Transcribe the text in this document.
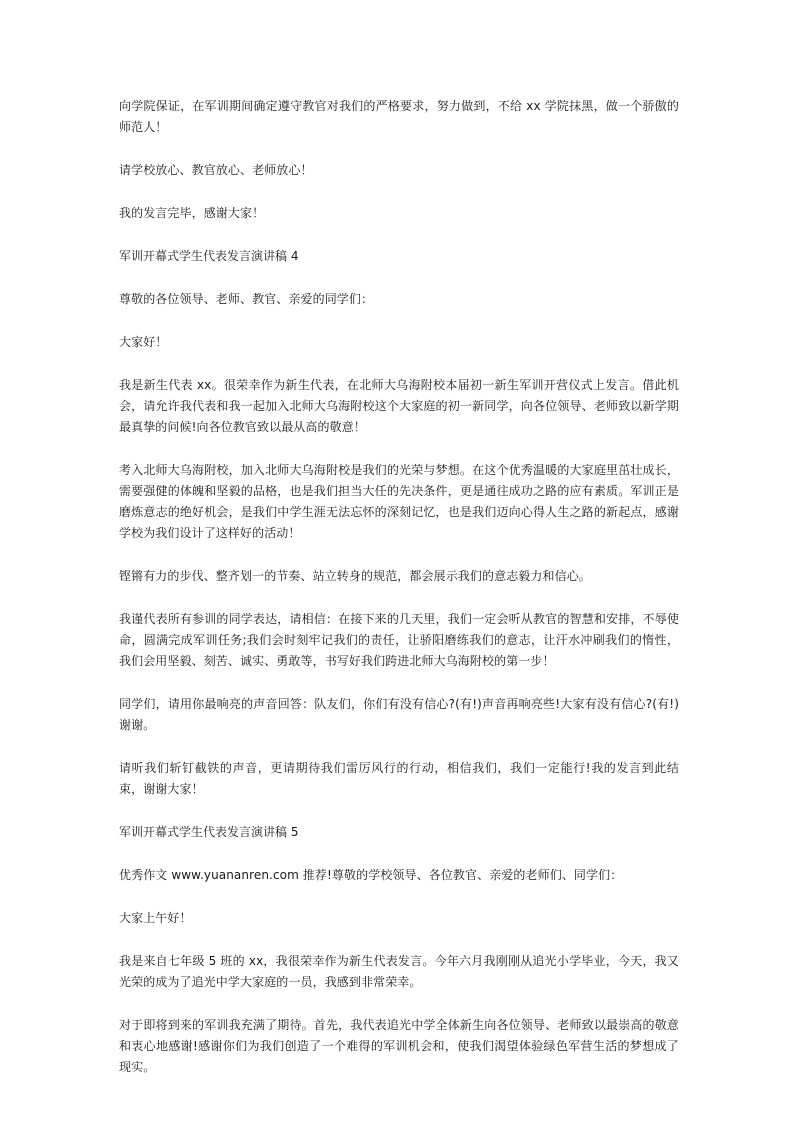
向学院保证，在军训期间确定遵守教官对我们的严格要求，努力做到，不给 xx 学院抹黑，做一个骄傲的师范人！

请学校放心、教官放心、老师放心！

我的发言完毕，感谢大家！

军训开幕式学生代表发言演讲稿 4

尊敬的各位领导、老师、教官、亲爱的同学们：

大家好！

我是新生代表 xx。很荣幸作为新生代表，在北师大乌海附校本届初一新生军训开营仪式上发言。借此机会，请允许我代表和我一起加入北师大乌海附校这个大家庭的初一新同学，向各位领导、老师致以新学期最真挚的问候!向各位教官致以最从高的敬意！

考入北师大乌海附校，加入北师大乌海附校是我们的光荣与梦想。在这个优秀温暖的大家庭里茁壮成长，需要强健的体魄和坚毅的品格，也是我们担当大任的先决条件，更是通往成功之路的应有素质。军训正是磨炼意志的绝好机会，是我们中学生涯无法忘怀的深刻记忆，也是我们迈向心得人生之路的新起点，感谢学校为我们设计了这样好的活动！

铿锵有力的步伐、整齐划一的节奏、站立转身的规范，都会展示我们的意志毅力和信心。

我谨代表所有参训的同学表达，请相信：在接下来的几天里，我们一定会听从教官的智慧和安排，不辱使命，圆满完成军训任务;我们会时刻牢记我们的责任，让骄阳磨练我们的意志，让汗水冲刷我们的惰性，我们会用坚毅、刻苦、诚实、勇敢等，书写好我们跨进北师大乌海附校的第一步！

同学们，请用你最响亮的声音回答：队友们，你们有没有信心?(有!)声音再响亮些!大家有没有信心?(有!)谢谢。

请听我们斩钉截铁的声音，更请期待我们雷厉风行的行动，相信我们，我们一定能行!我的发言到此结束，谢谢大家！

军训开幕式学生代表发言演讲稿 5

优秀作文 www.yuananren.com 推荐!尊敬的学校领导、各位教官、亲爱的老师们、同学们：

大家上午好！

我是来自七年级 5 班的 xx，我很荣幸作为新生代表发言。今年六月我刚刚从追光小学毕业，今天，我又光荣的成为了追光中学大家庭的一员，我感到非常荣幸。

对于即将到来的军训我充满了期待。首先，我代表追光中学全体新生向各位领导、老师致以最崇高的敬意和衷心地感谢!感谢你们为我们创造了一个难得的军训机会和，使我们渴望体验绿色军营生活的梦想成了现实。
